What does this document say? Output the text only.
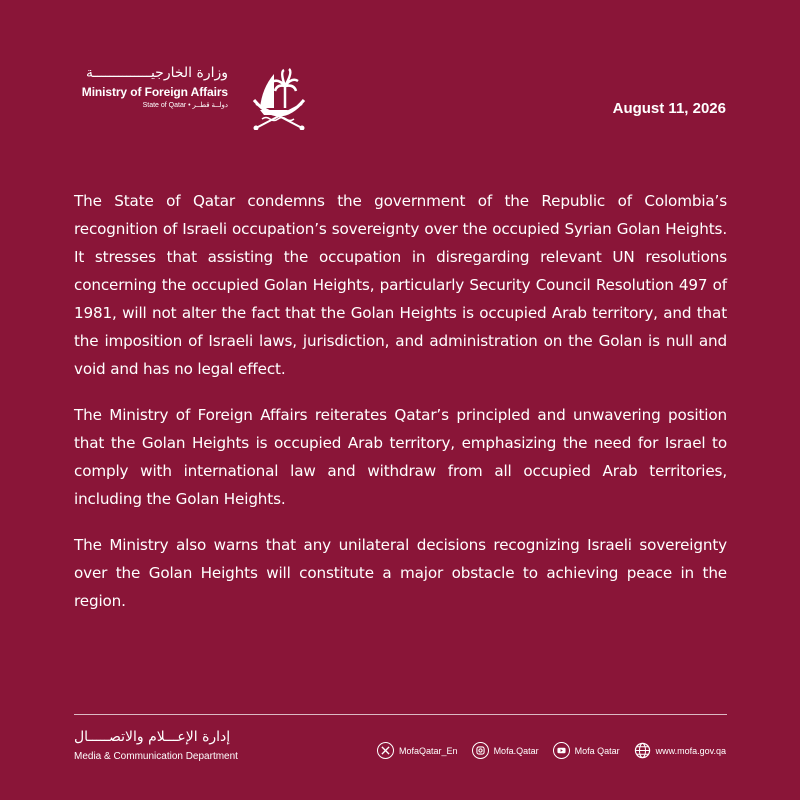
وزارة الخارجيــــــــــــــة
Ministry of Foreign Affairs
State of Qatar • دولــة قطــر	August 11, 2026

The State of Qatar condemns the government of the Republic of Colombia’s recognition of Israeli occupation’s sovereignty over the occupied Syrian Golan Heights. It stresses that assisting the occupation in disregarding relevant UN resolutions concerning the occupied Golan Heights, particularly Security Council Resolution 497 of 1981, will not alter the fact that the Golan Heights is occupied Arab territory, and that the imposition of Israeli laws, jurisdiction, and administration on the Golan is null and void and has no legal effect.

The Ministry of Foreign Affairs reiterates Qatar’s principled and unwavering position that the Golan Heights is occupied Arab territory, emphasizing the need for Israel to comply with international law and withdraw from all occupied Arab territories, including the Golan Heights.

The Ministry also warns that any unilateral decisions recognizing Israeli sovereignty over the Golan Heights will constitute a major obstacle to achieving peace in the region.

إدارة الإعـــلام والاتصـــــال
Media & Communication Department
MofaQatar_En	Mofa.Qatar	Mofa Qatar	www.mofa.gov.qa
